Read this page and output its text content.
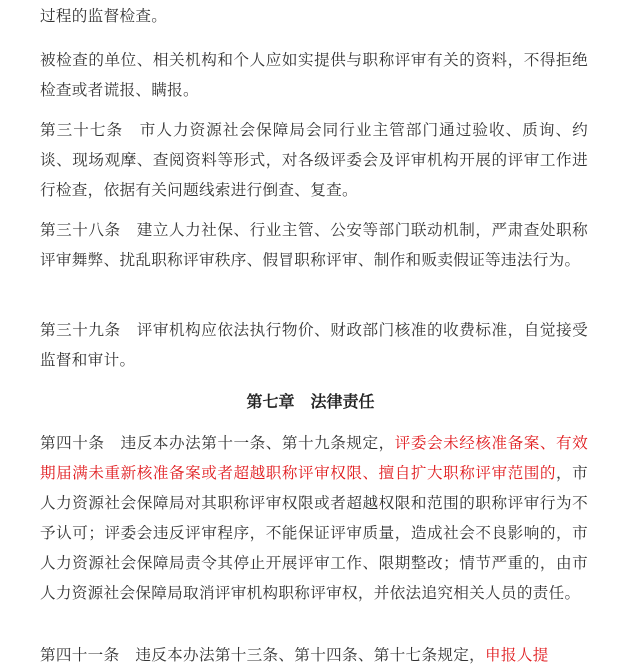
过程的监督检查。

被检查的单位、相关机构和个人应如实提供与职称评审有关的资料，不得拒绝检查或者谎报、瞒报。

第三十七条　市人力资源社会保障局会同行业主管部门通过验收、质询、约谈、现场观摩、查阅资料等形式，对各级评委会及评审机构开展的评审工作进行检查，依据有关问题线索进行倒查、复查。

第三十八条　建立人力社保、行业主管、公安等部门联动机制，严肃查处职称评审舞弊、扰乱职称评审秩序、假冒职称评审、制作和贩卖假证等违法行为。

第三十九条　评审机构应依法执行物价、财政部门核准的收费标准，自觉接受监督和审计。

第七章　法律责任

第四十条　违反本办法第十一条、第十九条规定，评委会未经核准备案、有效期届满未重新核准备案或者超越职称评审权限、擅自扩大职称评审范围的，市人力资源社会保障局对其职称评审权限或者超越权限和范围的职称评审行为不予认可；评委会违反评审程序，不能保证评审质量，造成社会不良影响的，市人力资源社会保障局责令其停止开展评审工作、限期整改；情节严重的，由市人力资源社会保障局取消评审机构职称评审权，并依法追究相关人员的责任。

第四十一条　违反本办法第十三条、第十四条、第十七条规定，申报人提
